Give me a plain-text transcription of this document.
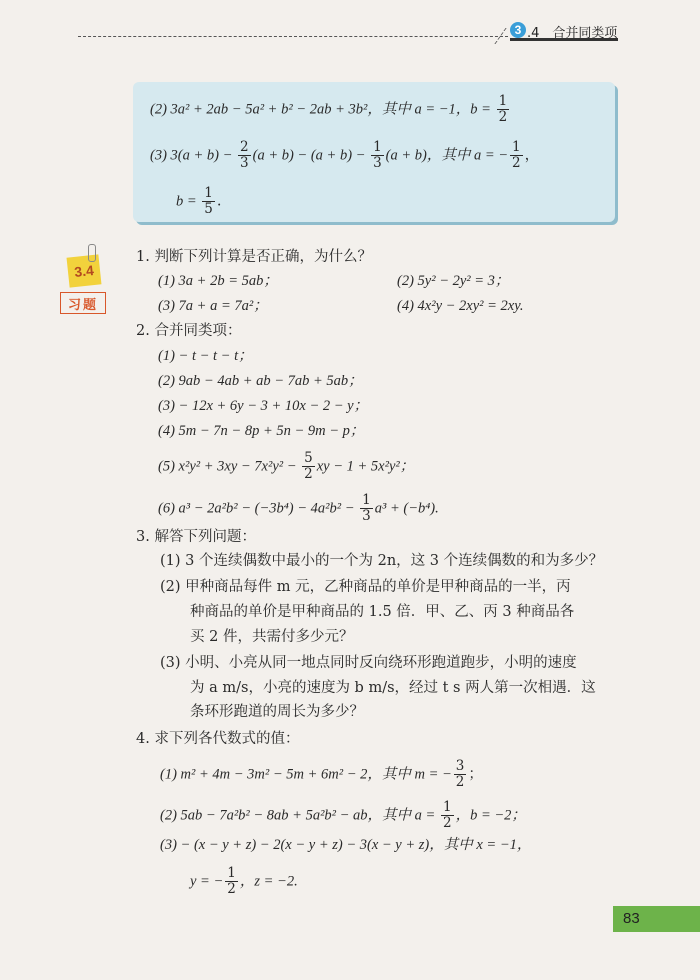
3 .4　合并同类项
(2) 3a² + 2ab − 5a² + b² − 2ab + 3b²，其中 a = −1，$b = \frac{1}{2}$
(3) $3(a + b) - \frac{2}{3} (a + b) - (a + b) - \frac{1}{3} (a + b)$，其中 a = − $\frac{1}{2}$ ，
$b = \frac{1}{5}$ .
3.4
习题
1. 判断下列计算是否正确，为什么？
(1) 3a + 2b = 5ab；	(2) 5y² − 2y² = 3；
(3) 7a + a = 7a²；	(4) 4x²y − 2xy² = 2xy.
2. 合并同类项：
(1) − t − t − t；
(2) 9ab − 4ab + ab − 7ab + 5ab；
(3) − 12x + 6y − 3 + 10x − 2 − y；
(4) 5m − 7n − 8p + 5n − 9m − p；
(5) $x^2y^2 + 3xy - 7x^2y^2 - \frac{5}{2}$ xy − 1 + 5x²y²；
(6) $a^3 - 2a^2b^2 - (-3b^4) - 4a^2b^2 - \frac{1}{3} a^3 + (-b^4)$.
3. 解答下列问题：
(1) 3 个连续偶数中最小的一个为 2n，这 3 个连续偶数的和为多少？
(2) 甲种商品每件 m 元，乙种商品的单价是甲种商品的一半，丙
种商品的单价是甲种商品的 1.5 倍．甲、乙、丙 3 种商品各
买 2 件，共需付多少元？
(3) 小明、小亮从同一地点同时反向绕环形跑道跑步，小明的速度
为 a m/s，小亮的速度为 b m/s，经过 t s 两人第一次相遇．这
条环形跑道的周长为多少？
4. 求下列各代数式的值：
(1) m² + 4m − 3m² − 5m + 6m² − 2，其中 m = − $\frac{3}{2}$ ；
(2) 5ab − 7a²b² − 8ab + 5a²b² − ab，其中 $a = \frac{1}{2}$ ，b = −2；
(3) − (x − y + z) − 2(x − y + z) − 3(x − y + z)，其中 x = −1，
y = − $\frac{1}{2}$ ，z = −2.
83
